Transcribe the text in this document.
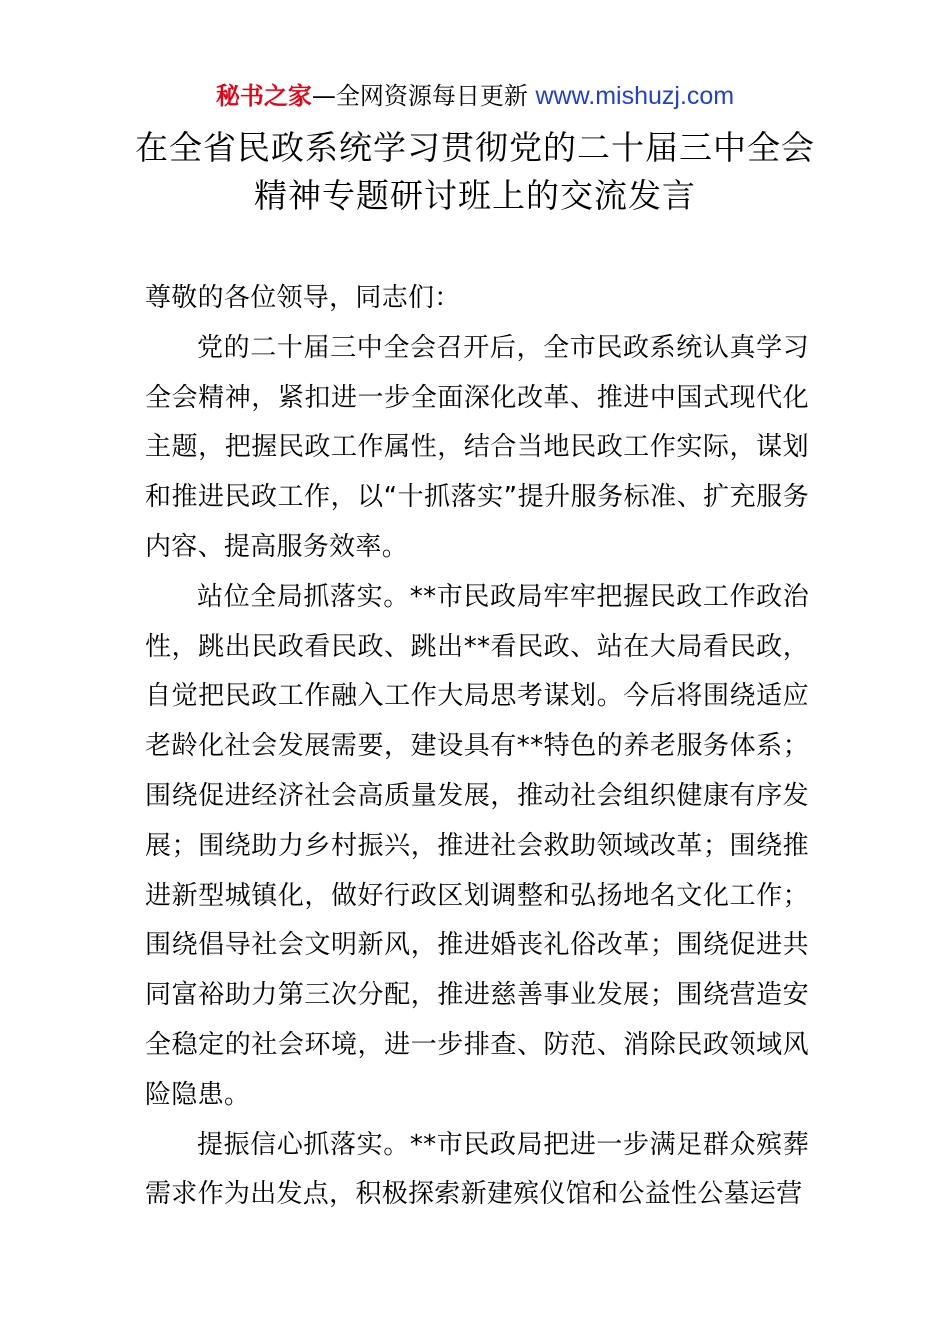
秘书之家—全网资源每日更新 www.mishuzj.com
在全省民政系统学习贯彻党的二十届三中全会
精神专题研讨班上的交流发言

尊敬的各位领导，同志们：

党的二十届三中全会召开后，全市民政系统认真学习全会精神，紧扣进一步全面深化改革、推进中国式现代化主题，把握民政工作属性，结合当地民政工作实际，谋划和推进民政工作，以“十抓落实”提升服务标准、扩充服务内容、提高服务效率。

站位全局抓落实。**市民政局牢牢把握民政工作政治性，跳出民政看民政、跳出**看民政、站在大局看民政，自觉把民政工作融入工作大局思考谋划。今后将围绕适应老龄化社会发展需要，建设具有**特色的养老服务体系；围绕促进经济社会高质量发展，推动社会组织健康有序发展；围绕助力乡村振兴，推进社会救助领域改革；围绕推进新型城镇化，做好行政区划调整和弘扬地名文化工作；围绕倡导社会文明新风，推进婚丧礼俗改革；围绕促进共同富裕助力第三次分配，推进慈善事业发展；围绕营造安全稳定的社会环境，进一步排查、防范、消除民政领域风险隐患。

提振信心抓落实。**市民政局把进一步满足群众殡葬需求作为出发点，积极探索新建殡仪馆和公益性公墓运营
